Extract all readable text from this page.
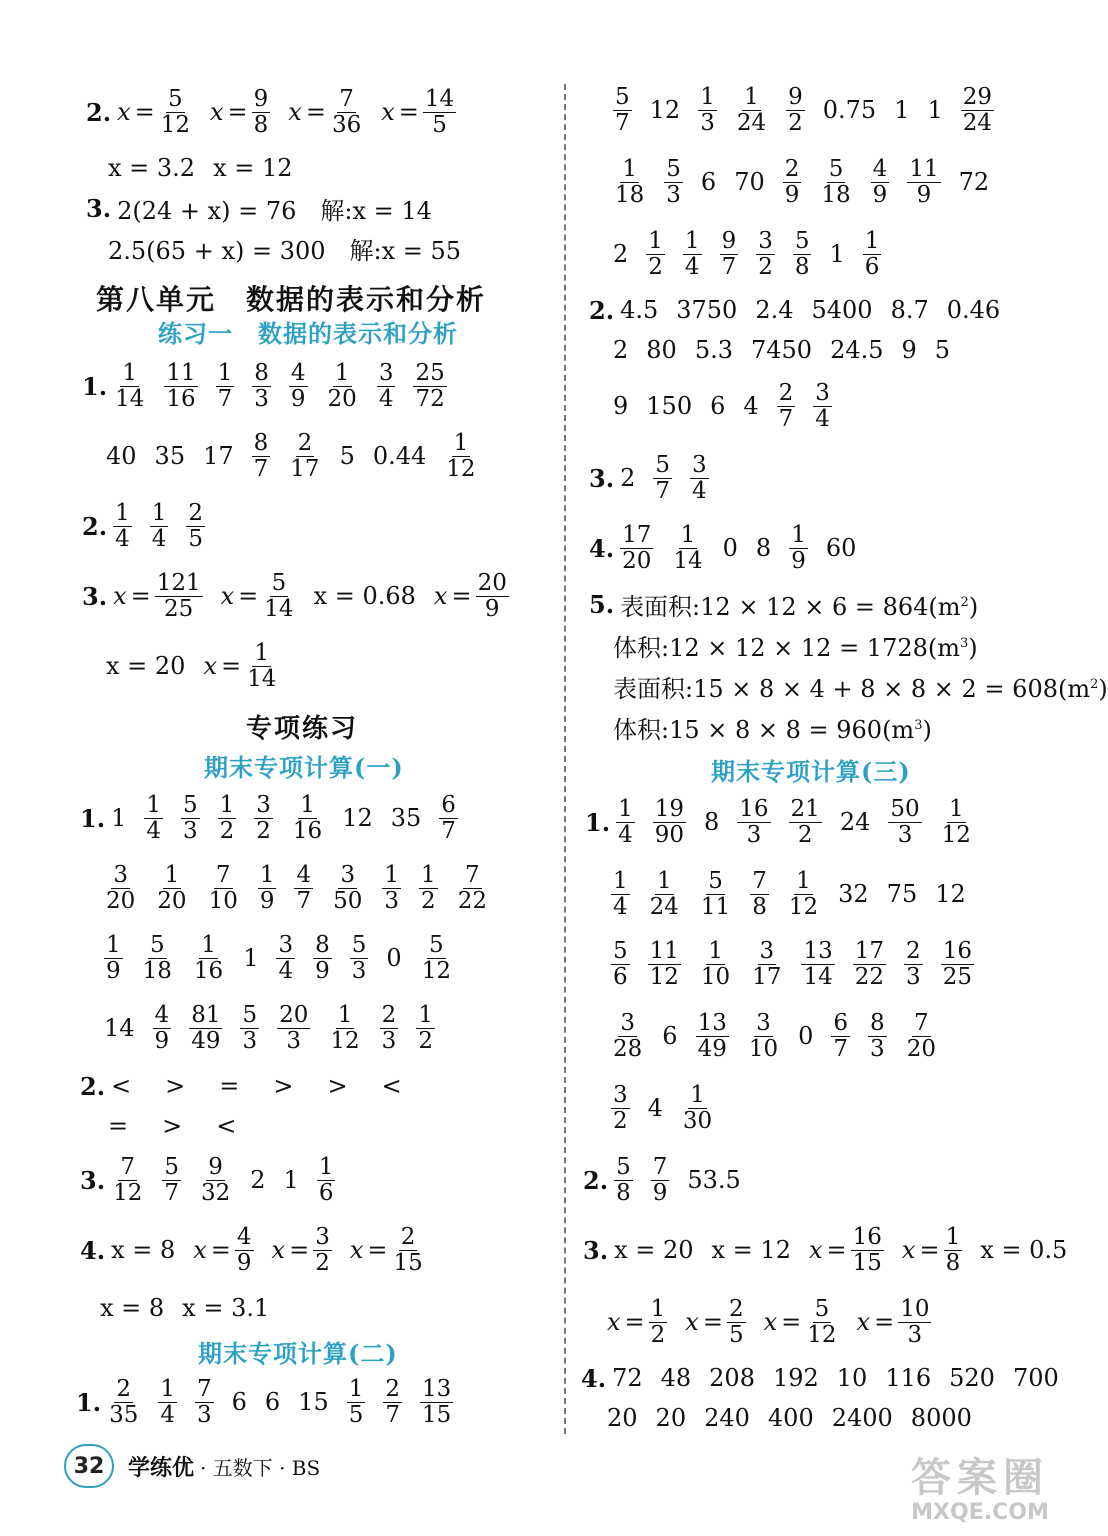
2. $x = \frac{5}{12}$ $x = \frac{9}{8}$ $x = \frac{7}{36}$ $x = \frac{14}{5}$
x = 3.2 x = 12
3. 2(24 + x) = 76　解:x = 14
2.5(65 + x) = 300　解:x = 55
第八单元　数据的表示和分析
练习一　数据的表示和分析
1. $\frac{1}{14} \frac{11}{16} \frac{1}{7} \frac{8}{3} \frac{4}{9} \frac{1}{20} \frac{3}{4} \frac{25}{72}$
40 35 $17 \frac{8}{7} \frac{2}{17} 5$ $0.44 \frac{1}{12}$
2. $\frac{1}{4} \frac{1}{4} \frac{2}{5}$
3. $x = \frac{121}{25}$ $x = \frac{5}{14}$ x = 0.68 $x = \frac{20}{9}$
x = 20 $x = \frac{1}{14}$
专项练习
期末专项计算(一)
1. $1 \frac{1}{4} \frac{5}{3} \frac{1}{2} \frac{3}{2} \frac{1}{16} 12$ $35 \frac{6}{7}$
$\frac{3}{20} \frac{1}{20} \frac{7}{10} \frac{1}{9} \frac{4}{7} \frac{3}{50} \frac{1}{3} \frac{1}{2} \frac{7}{22}$
$\frac{1}{9} \frac{5}{18} \frac{1}{16} 1 \frac{3}{4} \frac{8}{9} \frac{5}{3} 0 \frac{5}{12}$
$14 \frac{4}{9} \frac{81}{49} \frac{5}{3} \frac{20}{3} \frac{1}{12} \frac{2}{3} \frac{1}{2}$
2. < > = > > <
= > <
3. $\frac{7}{12} \frac{5}{7} \frac{9}{32} 2$ $1 \frac{1}{6}$
4. x = 8 $x = \frac{4}{9}$ $x = \frac{3}{2}$ $x = \frac{2}{15}$
x = 8 x = 3.1
期末专项计算(二)
1. $\frac{2}{35} \frac{1}{4} \frac{7}{3} 6$ 6 $15 \frac{1}{5} \frac{2}{7} \frac{13}{15}$
$\frac{5}{7} 12 \frac{1}{3} \frac{1}{24} \frac{9}{2} 0.75$ 1 $1 \frac{29}{24}$
$\frac{1}{18} \frac{5}{3} 6$ $70 \frac{2}{9} \frac{5}{18} \frac{4}{9} \frac{11}{9} 72$
$2 \frac{1}{2} \frac{1}{4} \frac{9}{7} \frac{3}{2} \frac{5}{8} 1 \frac{1}{6}$
2. 4.5 3750 2.4 5400 8.7 0.46
2 80 5.3 7450 24.5 9 5
9 150 6 $4 \frac{2}{7} \frac{3}{4}$
3. $2 \frac{5}{7} \frac{3}{4}$
4. $\frac{17}{20} \frac{1}{14} 0$ $8 \frac{1}{9} 60$
5. 表面积:12 × $12 \times 6 = 864(m^2)$
体积:12 × $12 \times 12 = 1728(m^3)$
表面积:15 × $8 \times 4 + 8 \times 8 \times 2 = 608(m^2)$
体积:15 × $8 \times 8 = 960(m^3)$
期末专项计算(三)
1. $\frac{1}{4} \frac{19}{90} 8 \frac{16}{3} \frac{21}{2} 24 \frac{50}{3} \frac{1}{12}$
$\frac{1}{4} \frac{1}{24} \frac{5}{11} \frac{7}{8} \frac{1}{12} 32$ 75 12
$\frac{5}{6} \frac{11}{12} \frac{1}{10} \frac{3}{17} \frac{13}{14} \frac{17}{22} \frac{2}{3} \frac{16}{25}$
$\frac{3}{28} 6 \frac{13}{49} \frac{3}{10} 0 \frac{6}{7} \frac{8}{3} \frac{7}{20}$
$\frac{3}{2} 4 \frac{1}{30}$
2. $\frac{5}{8} \frac{7}{9} 53.5$
3. x = 20 x = 12 $x = \frac{16}{15}$ $x = \frac{1}{8}$ x = 0.5
$x = \frac{1}{2}$ $x = \frac{2}{5}$ $x = \frac{5}{12}$ $x = \frac{10}{3}$
4. 72 48 208 192 10 116 520 700
20 20 240 400 2400 8000
32	学练优 · 五数下 · BS	答案圈
MXQE.COM
